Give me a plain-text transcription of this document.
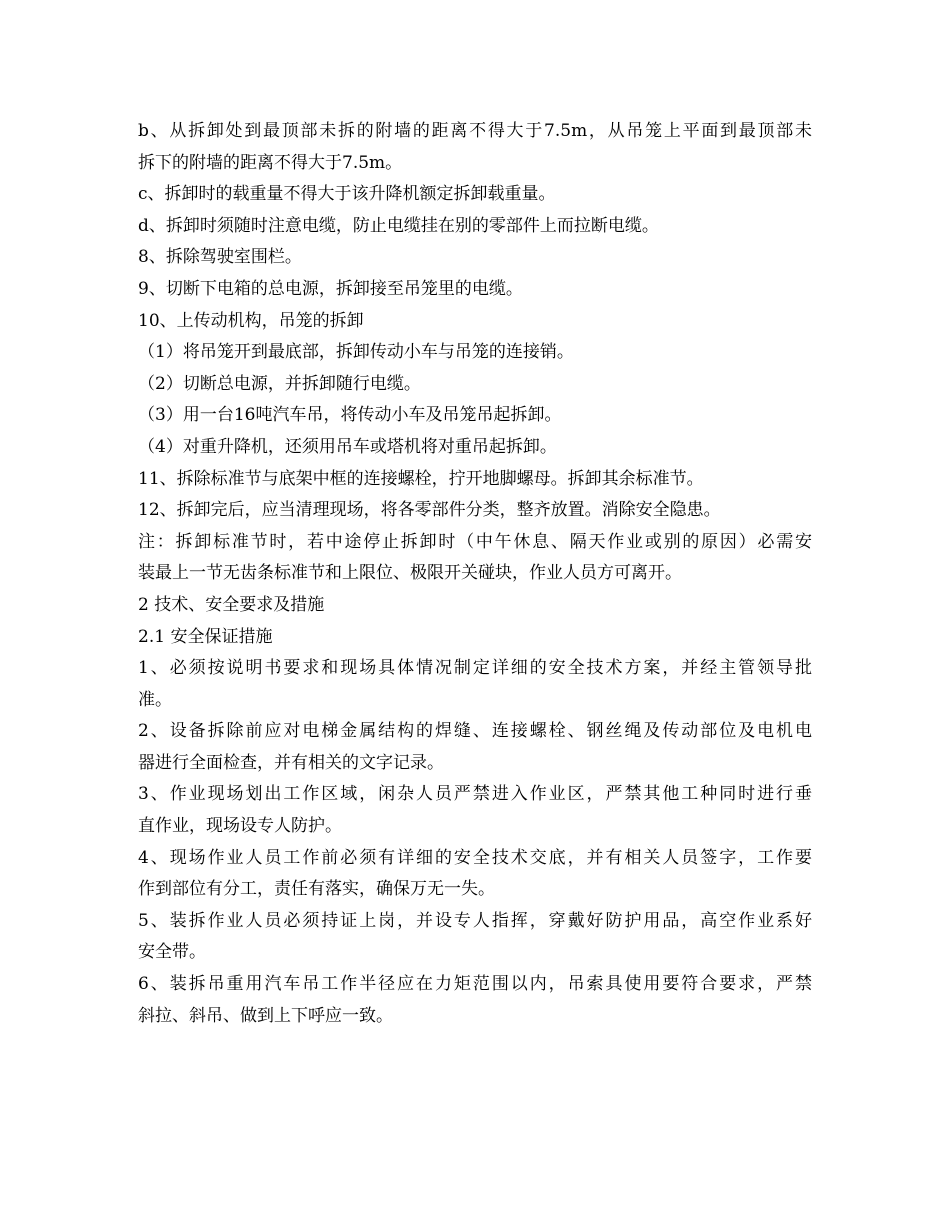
b、从拆卸处到最顶部未拆的附墙的距离不得大于7.5m，从吊笼上平面到最顶部未
拆下的附墙的距离不得大于7.5m。
c、拆卸时的载重量不得大于该升降机额定拆卸载重量。
d、拆卸时须随时注意电缆，防止电缆挂在别的零部件上而拉断电缆。
8、拆除驾驶室围栏。
9、切断下电箱的总电源，拆卸接至吊笼里的电缆。
10、上传动机构，吊笼的拆卸
（1）将吊笼开到最底部，拆卸传动小车与吊笼的连接销。
（2）切断总电源，并拆卸随行电缆。
（3）用一台16吨汽车吊，将传动小车及吊笼吊起拆卸。
（4）对重升降机，还须用吊车或塔机将对重吊起拆卸。
11、拆除标准节与底架中框的连接螺栓，拧开地脚螺母。拆卸其余标准节。
12、拆卸完后，应当清理现场，将各零部件分类，整齐放置。消除安全隐患。
注：拆卸标准节时，若中途停止拆卸时（中午休息、隔天作业或别的原因）必需安
装最上一节无齿条标准节和上限位、极限开关碰块，作业人员方可离开。
2 技术、安全要求及措施
2.1 安全保证措施
1、必须按说明书要求和现场具体情况制定详细的安全技术方案，并经主管领导批
准。
2、设备拆除前应对电梯金属结构的焊缝、连接螺栓、钢丝绳及传动部位及电机电
器进行全面检查，并有相关的文字记录。
3、作业现场划出工作区域，闲杂人员严禁进入作业区，严禁其他工种同时进行垂
直作业，现场设专人防护。
4、现场作业人员工作前必须有详细的安全技术交底，并有相关人员签字，工作要
作到部位有分工，责任有落实，确保万无一失。
5、装拆作业人员必须持证上岗，并设专人指挥，穿戴好防护用品，高空作业系好
安全带。
6、装拆吊重用汽车吊工作半径应在力矩范围以内，吊索具使用要符合要求，严禁
斜拉、斜吊、做到上下呼应一致。
